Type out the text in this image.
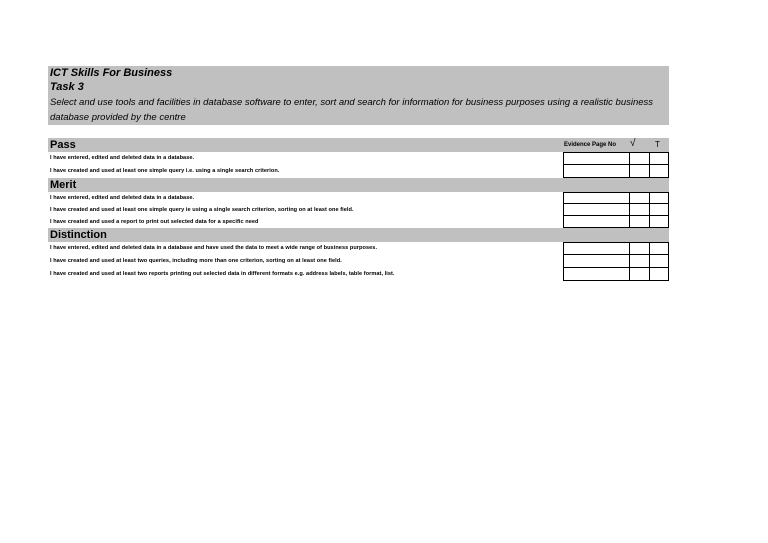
ICT Skills For Business
Task 3
Select and use tools and facilities in database software to enter, sort and search for information for business purposes using a realistic business database provided by the centre
Pass	Evidence Page No √ T
I have entered, edited and deleted data in a database.
I have created and used at least one simple query i.e. using a single search criterion.
Merit
I have entered, edited and deleted data in a database.
I have created and used at least one simple query ie using a single search criterion, sorting on at least one field.
I have created and used a report to print out selected data for a specific need
Distinction
I have entered, edited and deleted data in a database and have used the data to meet a wide range of business purposes.
I have created and used at least two queries, including more than one criterion, sorting on at least one field.
I have created and used at least two reports printing out selected data in different formats e.g. address labels, table format, list.
